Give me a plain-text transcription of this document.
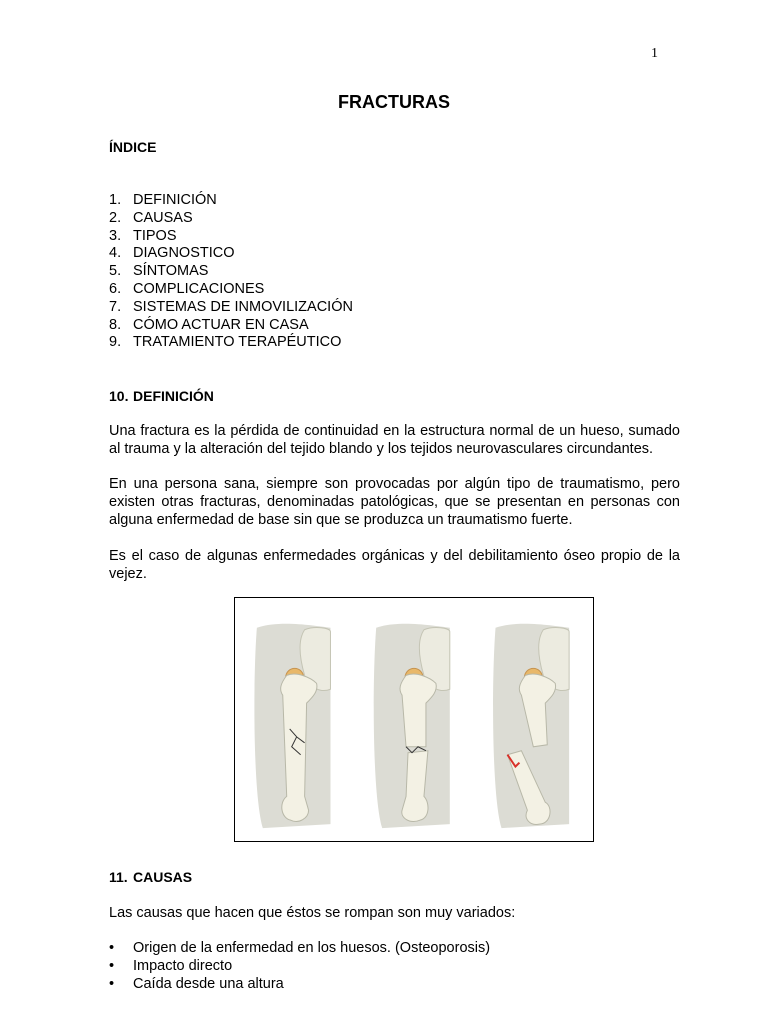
1
FRACTURAS
ÍNDICE
1. DEFINICIÓN
2. CAUSAS
3. TIPOS
4. DIAGNOSTICO
5. SÍNTOMAS
6. COMPLICACIONES
7. SISTEMAS DE INMOVILIZACIÓN
8. CÓMO ACTUAR EN CASA
9. TRATAMIENTO TERAPÉUTICO
10. DEFINICIÓN

Una fractura es la pérdida de continuidad en la estructura normal de un hueso, sumado al trauma y la alteración del tejido blando y los tejidos neurovasculares circundantes.

En una persona sana, siempre son provocadas por algún tipo de traumatismo, pero existen otras fracturas, denominadas patológicas, que se presentan en personas con alguna enfermedad de base sin que se produzca un traumatismo fuerte.

Es el caso de algunas enfermedades orgánicas y del debilitamiento óseo propio de la vejez.

11. CAUSAS

Las causas que hacen que éstos se rompan son muy variados:

•	Origen de la enfermedad en los huesos. (Osteoporosis)
•	Impacto directo
•	Caída desde una altura
